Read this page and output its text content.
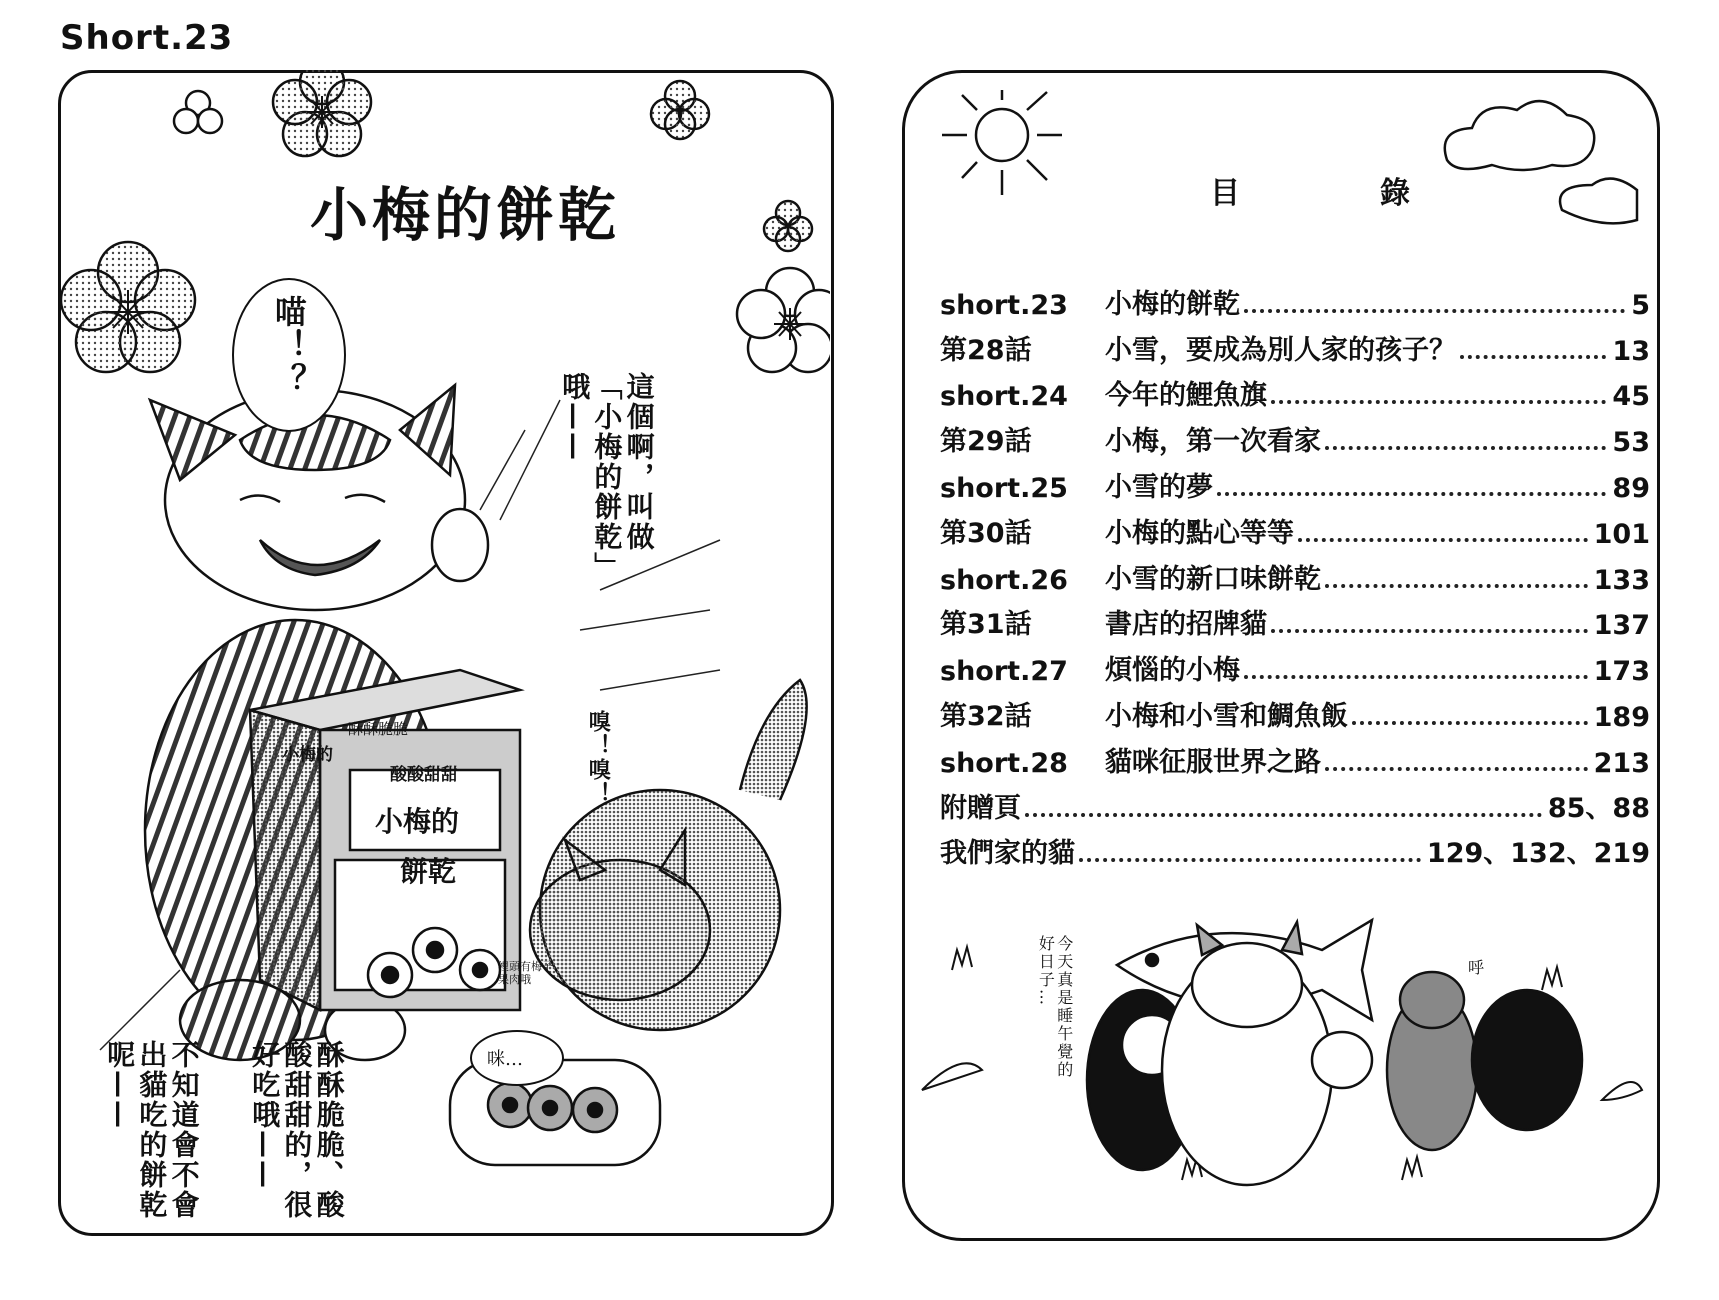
Short.23
小梅的餅乾
喵！？
這個啊，叫做「小梅的餅乾」哦——
酥酥脆脆、酸酸甜甜的，很好吃哦——
不知道會不會出貓吃的餅乾呢——
嗅！嗅！
咪…
酥酥脆脆
酸酸甜甜
小梅的
餅乾
小梅的
裡頭有梅子果肉哦
目	錄
short.23	小梅的餅乾	5
第28話	小雪，要成為別人家的孩子？	13
short.24	今年的鯉魚旗	45
第29話	小梅，第一次看家	53
short.25	小雪的夢	89
第30話	小梅的點心等等	101
short.26	小雪的新口味餅乾	133
第31話	書店的招牌貓	137
short.27	煩惱的小梅	173
第32話	小梅和小雪和鯛魚飯	189
short.28	貓咪征服世界之路	213
附贈頁	85、88
我們家的貓	129、132、219
今天真是睡午覺的好日子…	呼
